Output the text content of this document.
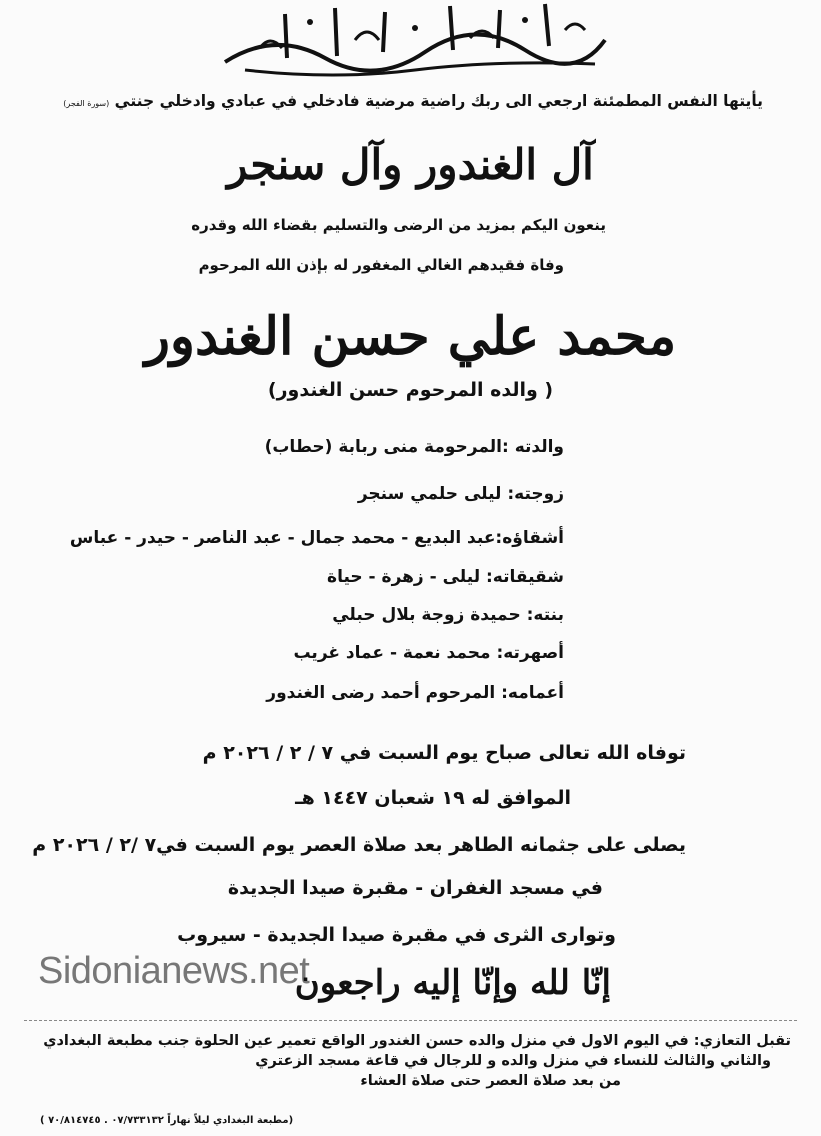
يأيتها النفس المطمئنة ارجعي الى ربك راضية مرضية فادخلي في عبادي وادخلي جنتي (سورة الفجر)
آل الغندور وآل سنجر
ينعون اليكم بمزيد من الرضى والتسليم بقضاء الله وقدره
وفاة فقيدهم الغالي المغفور له بإذن الله المرحوم
محمد علي حسن الغندور
( والده المرحوم حسن الغندور)
والدته :المرحومة منى ربابة (حطاب)
زوجته: ليلى حلمي سنجر
أشقاؤه:عبد البديع - محمد جمال - عبد الناصر - حيدر - عباس
شقيقاته: ليلى - زهرة - حياة
بنته: حميدة زوجة بلال حبلي
أصهرته: محمد نعمة - عماد غريب
أعمامه: المرحوم أحمد رضى الغندور
توفاه الله تعالى صباح يوم السبت في ٧ / ٢ / ٢٠٢٦ م
الموافق له ١٩ شعبان ١٤٤٧ هـ
يصلى على جثمانه الطاهر بعد صلاة العصر يوم السبت في٧ /٢ / ٢٠٢٦ م
في مسجد الغفران - مقبرة صيدا الجديدة
وتوارى الثرى في مقبرة صيدا الجديدة - سيروب
Sidonianews.net
إنّا لله وإنّا إليه راجعون
تقبل التعازي: في اليوم الاول في منزل والده حسن الغندور الواقع تعمير عين الحلوة جنب مطبعة البغدادي
والثاني والثالث للنساء في منزل والده و للرجال في قاعة مسجد الزعتري
من بعد صلاة العصر حتى صلاة العشاء
(مطبعة البغدادي ليلاً نهاراً ٠٧/٧٣٣١٣٢ . ٧٠/٨١٤٧٤٥ )
